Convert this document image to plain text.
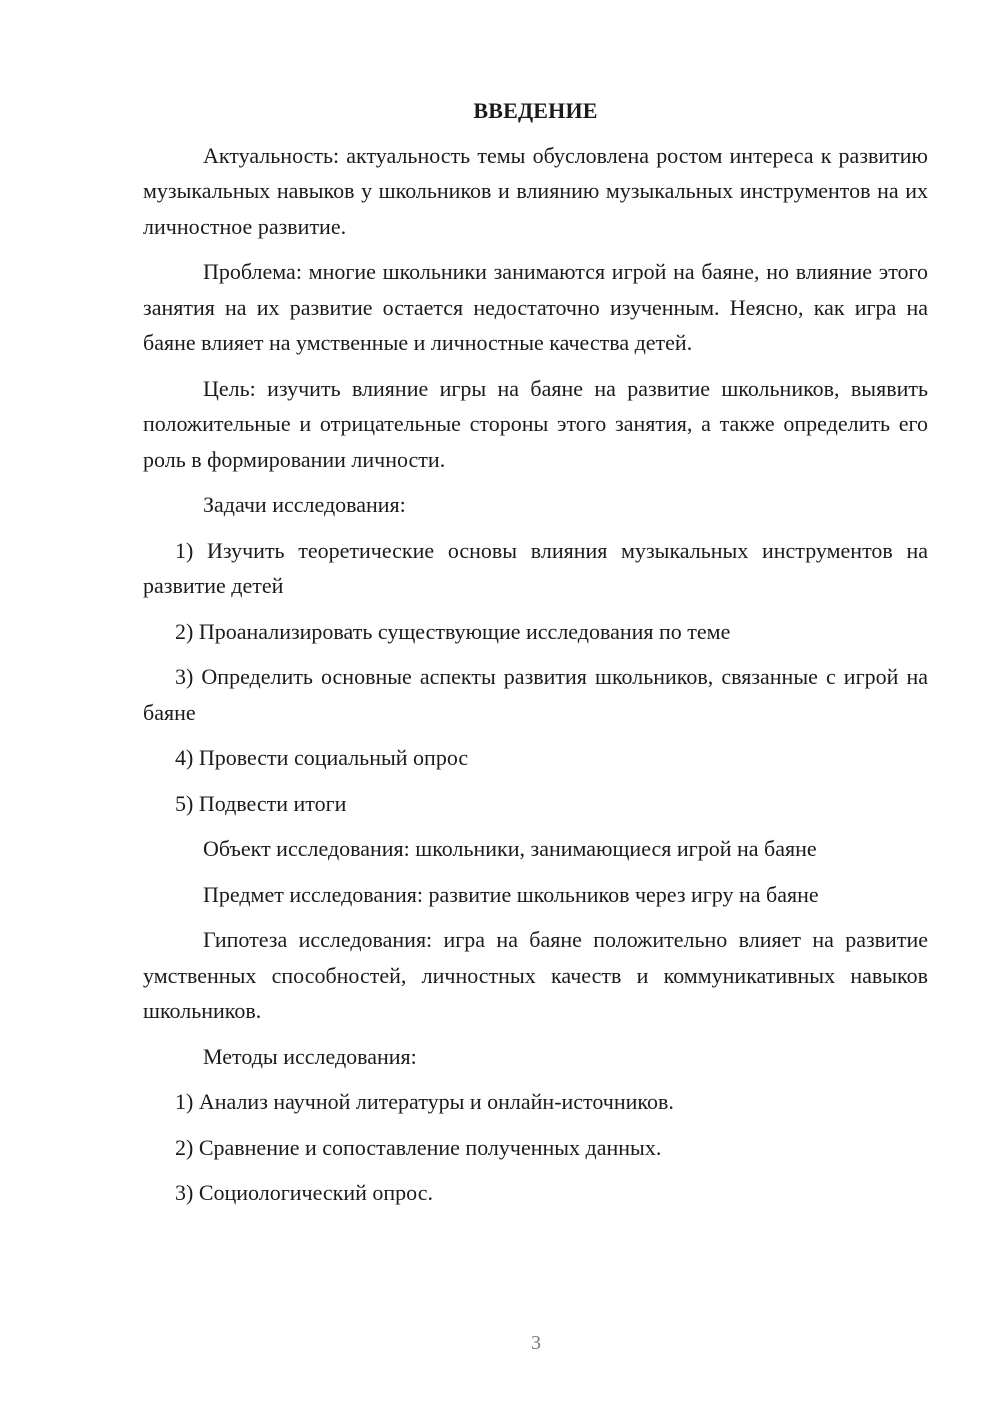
ВВЕДЕНИЕ

Актуальность: актуальность темы обусловлена ростом интереса к развитию музыкальных навыков у школьников и влиянию музыкальных инструментов на их личностное развитие.

Проблема: многие школьники занимаются игрой на баяне, но влияние этого занятия на их развитие остается недостаточно изученным. Неясно, как игра на баяне влияет на умственные и личностные качества детей.

Цель: изучить влияние игры на баяне на развитие школьников, выявить положительные и отрицательные стороны этого занятия, а также определить его роль в формировании личности.

Задачи исследования:

1) Изучить теоретические основы влияния музыкальных инструментов на развитие детей

2) Проанализировать существующие исследования по теме

3) Определить основные аспекты развития школьников, связанные с игрой на баяне

4) Провести социальный опрос

5) Подвести итоги

Объект исследования: школьники, занимающиеся игрой на баяне

Предмет исследования: развитие школьников через игру на баяне

Гипотеза исследования: игра на баяне положительно влияет на развитие умственных способностей, личностных качеств и коммуникативных навыков школьников.

Методы исследования:

1) Анализ научной литературы и онлайн-источников.

2) Сравнение и сопоставление полученных данных.

3) Социологический опрос.

3
